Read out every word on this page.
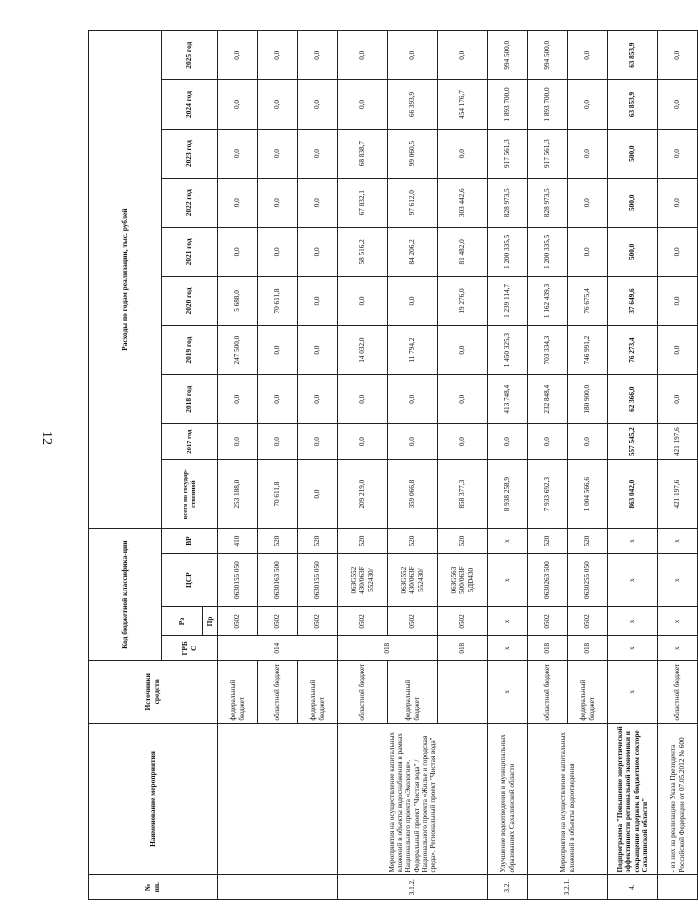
12
№ пп.	Наименование мероприятия	Источники средств	Код бюджетной классифика-ции				Расходы по годам реализации, тыс. рублей									
			ГРБ С	Рз	ЦСР	ВР	всего по государ-ственной	2017 год	2018 год	2019 год	2020 год	2021 год	2022 год	2023 год	2024 год	2025 год
				Пр												
		федеральный бюджет	014	0502	0630155 050	410	253 188,0	0,0	0,0	247 500,0	5 688,0	0,0	0,0	0,0	0,0	0,0
		областной бюджет		0502	0630163 500	520	70 611,8	0,0	0,0	0,0	70 611,8	0,0	0,0	0,0	0,0	0,0
		федеральный бюджет		0502	0630155 050	520	0,0	0,0	0,0	0,0	0,0	0,0	0,0	0,0	0,0	0,0
3.1.2.	Мероприятия на осуществление капитальных вложений в объекты водоснабжения в рамках Национального проекта «Экология». Федеральный проект "Чистая вода" / Национального проекта «Жилье и городская среда». Региональный проект "Чистая вода"	областной бюджет	018	0502	063G552 430/063F 552430/	520	209 219,0	0,0	0,0	14 032,0	0,0	58 516,2	67 832,1	68 838,7	0,0	0,0
		федеральный бюджет		0502	063G552 430/063F 552430/	520	359 066,8	0,0	0,0	11 794,2	0,0	84 206,2	97 612,0	99 060,5	66 393,9	0,0
			018	0502	063G563 500/063F 5ДD430	520	858 377,3	0,0	0,0	0,0	19 276,0	81 482,0	303 442,6	0,0	454 176,7	0,0
3.2.	Улучшение водоотведения в муниципальных образованиях Сахалинской области	х	х	х	х	х	8 938 258,9	0,0	413 748,4	1 450 325,3	1 239 114,7	1 200 335,5	828 973,5	917 561,3	1 893 700,0	994 500,0
3.2.1.	Мероприятия на осуществление капитальных вложений в объекты водоотведения	областной бюджет	018	0502	0630263 500	520	7 933 692,3	0,0	232 848,4	703 334,3	1 162 439,3	1 200 335,5	828 973,5	917 561,3	1 893 700,0	994 500,0
		федеральный бюджет	018	0502	0630255 050	520	1 004 566,6	0,0	180 900,0	746 991,2	76 675,4	0,0	0,0	0,0	0,0	0,0
4.	Подпрограмма "Повышение энергетической эффективности региональной экономики и сокращение издержек в бюджетном секторе Сахалинской области"	х	х	х	х	х	863 042,0	557 545,2	62 366,0	76 273,4	37 649,6	500,0	500,0	500,0	63 853,9	63 853,9
	- из них на реализацию Указа Президента Российской Федерации от 07.05.2012 № 600	областной бюджет	х	х	х	х	421 197,6	421 197,6	0,0	0,0	0,0	0,0	0,0	0,0	0,0	0,0
